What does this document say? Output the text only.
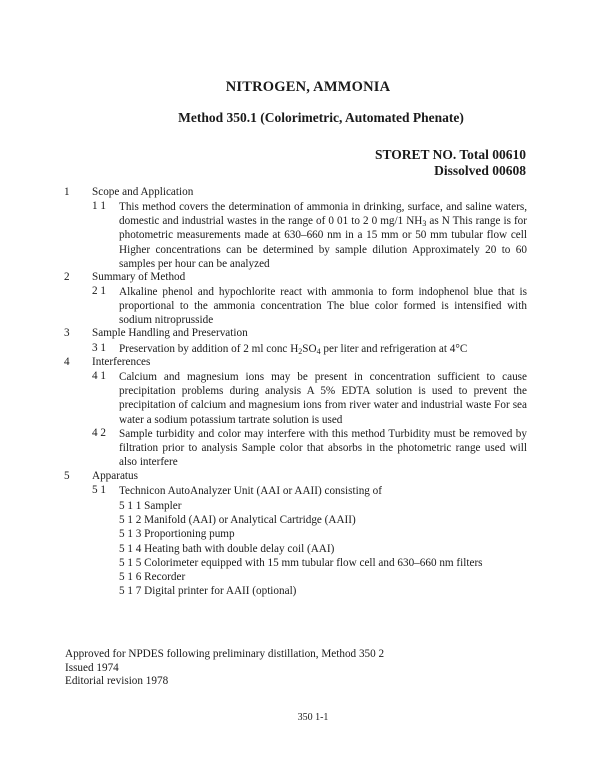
NITROGEN, AMMONIA
Method 350.1 (Colorimetric, Automated Phenate)
STORET NO. Total 00610
Dissolved 00608
1 Scope and Application
1 1 This method covers the determination of ammonia in drinking, surface, and saline waters, domestic and industrial wastes in the range of 0 01 to 2 0 mg/1 $NH_3$ as N This range is for photometric measurements made at 630–660 nm in a 15 mm or 50 mm tubular flow cell Higher concentrations can be determined by sample dilution Approximately 20 to 60 samples per hour can be analyzed
2 Summary of Method
2 1 Alkaline phenol and hypochlorite react with ammonia to form indophenol blue that is proportional to the ammonia concentration The blue color formed is intensified with sodium nitroprusside
3 Sample Handling and Preservation
3 1 Preservation by addition of 2 ml conc $H_2SO_4$ per liter and refrigeration at 4°C
4 Interferences
4 1 Calcium and magnesium ions may be present in concentration sufficient to cause precipitation problems during analysis A 5% EDTA solution is used to prevent the precipitation of calcium and magnesium ions from river water and industrial waste For sea water a sodium potassium tartrate solution is used
4 2 Sample turbidity and color may interfere with this method Turbidity must be removed by filtration prior to analysis Sample color that absorbs in the photometric range used will also interfere
5 Apparatus
5 1 Technicon AutoAnalyzer Unit (AAI or AAII) consisting of
5 1 1 Sampler
5 1 2 Manifold (AAI) or Analytical Cartridge (AAII)
5 1 3 Proportioning pump
5 1 4 Heating bath with double delay coil (AAI)
5 1 5 Colorimeter equipped with 15 mm tubular flow cell and 630–660 nm filters
5 1 6 Recorder
5 1 7 Digital printer for AAII (optional)
Approved for NPDES following preliminary distillation, Method 350 2
Issued 1974
Editorial revision 1978
350 1-1
